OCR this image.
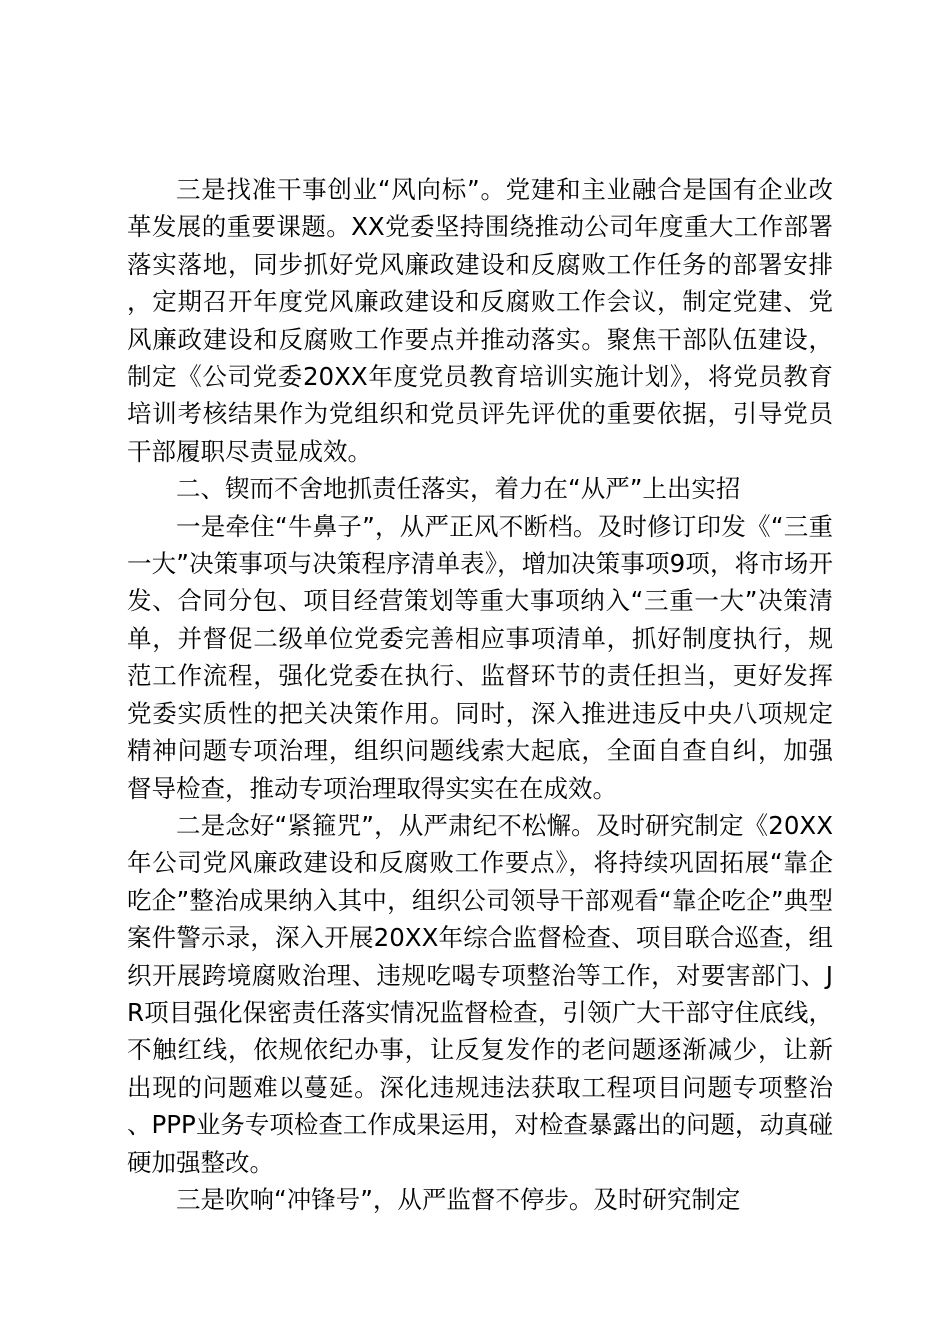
三是找准干事创业“风向标”。党建和主业融合是国有企业改革发展的重要课题。XX党委坚持围绕推动公司年度重大工作部署落实落地，同步抓好党风廉政建设和反腐败工作任务的部署安排，定期召开年度党风廉政建设和反腐败工作会议，制定党建、党风廉政建设和反腐败工作要点并推动落实。聚焦干部队伍建设，制定《公司党委20XX年度党员教育培训实施计划》，将党员教育培训考核结果作为党组织和党员评先评优的重要依据，引导党员干部履职尽责显成效。

二、锲而不舍地抓责任落实，着力在“从严”上出实招

一是牵住“牛鼻子”，从严正风不断档。及时修订印发《“三重一大”决策事项与决策程序清单表》，增加决策事项9项，将市场开发、合同分包、项目经营策划等重大事项纳入“三重一大”决策清单，并督促二级单位党委完善相应事项清单，抓好制度执行，规范工作流程，强化党委在执行、监督环节的责任担当，更好发挥党委实质性的把关决策作用。同时，深入推进违反中央八项规定精神问题专项治理，组织问题线索大起底，全面自查自纠，加强督导检查，推动专项治理取得实实在在成效。

二是念好“紧箍咒”，从严肃纪不松懈。及时研究制定《20XX年公司党风廉政建设和反腐败工作要点》，将持续巩固拓展“靠企吃企”整治成果纳入其中，组织公司领导干部观看“靠企吃企”典型案件警示录，深入开展20XX年综合监督检查、项目联合巡查，组织开展跨境腐败治理、违规吃喝专项整治等工作，对要害部门、JR项目强化保密责任落实情况监督检查，引领广大干部守住底线，不触红线，依规依纪办事，让反复发作的老问题逐渐减少，让新出现的问题难以蔓延。深化违规违法获取工程项目问题专项整治、PPP业务专项检查工作成果运用，对检查暴露出的问题，动真碰硬加强整改。

三是吹响“冲锋号”，从严监督不停步。及时研究制定
